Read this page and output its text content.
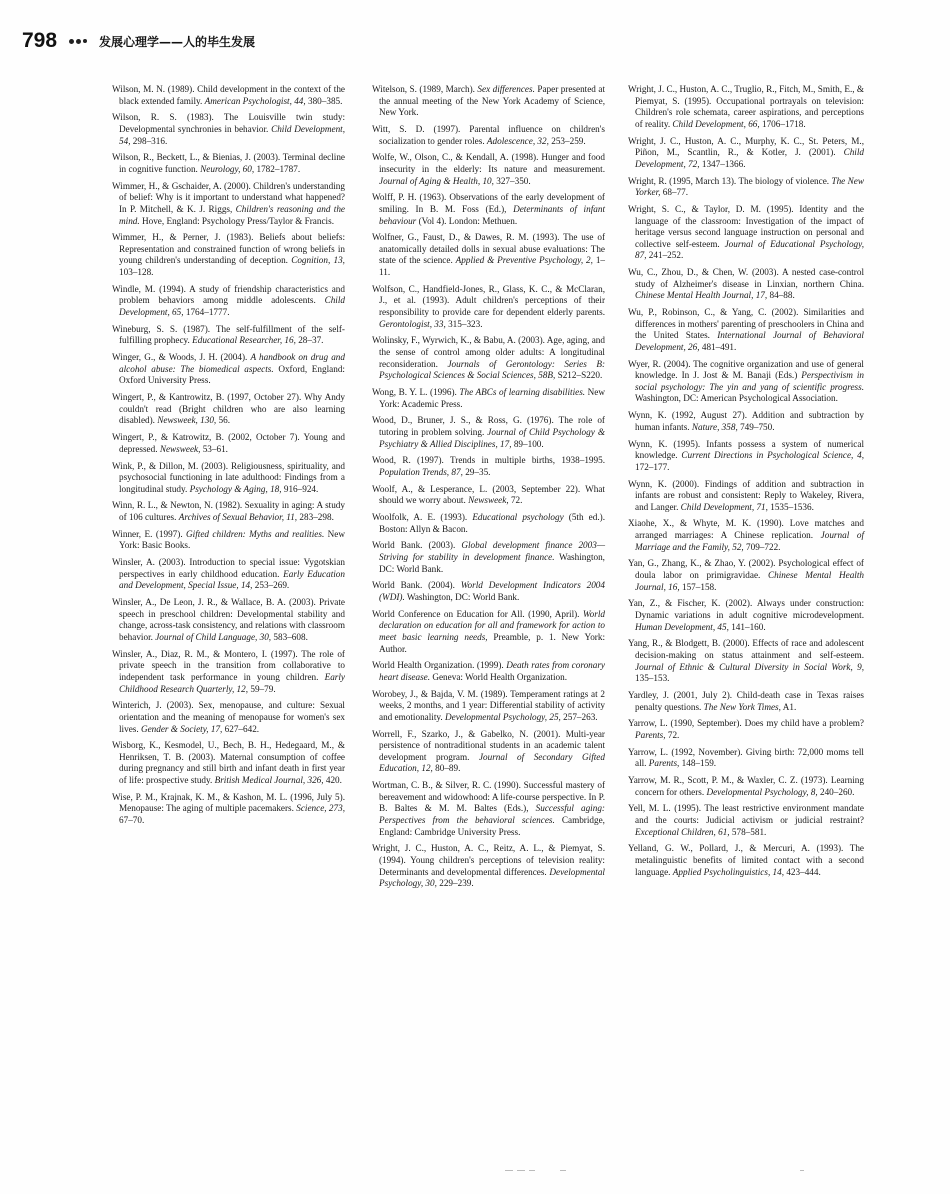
798	发展心理学——人的毕生发展

Wilson, M. N. (1989). Child development in the context of the black extended family. American Psychologist, 44, 380–385.

Wilson, R. S. (1983). The Louisville twin study: Developmental synchronies in behavior. Child Development, 54, 298–316.

Wilson, R., Beckett, L., & Bienias, J. (2003). Terminal decline in cognitive function. Neurology, 60, 1782–1787.

Wimmer, H., & Gschaider, A. (2000). Children's understanding of belief: Why is it important to understand what happened? In P. Mitchell, & K. J. Riggs, Children's reasoning and the mind. Hove, England: Psychology Press/Taylor & Francis.

Wimmer, H., & Perner, J. (1983). Beliefs about beliefs: Representation and constrained function of wrong beliefs in young children's understanding of deception. Cognition, 13, 103–128.

Windle, M. (1994). A study of friendship characteristics and problem behaviors among middle adolescents. Child Development, 65, 1764–1777.

Wineburg, S. S. (1987). The self-fulfillment of the self-fulfilling prophecy. Educational Researcher, 16, 28–37.

Winger, G., & Woods, J. H. (2004). A handbook on drug and alcohol abuse: The biomedical aspects. Oxford, England: Oxford University Press.

Wingert, P., & Kantrowitz, B. (1997, October 27). Why Andy couldn't read (Bright children who are also learning disabled). Newsweek, 130, 56.

Wingert, P., & Katrowitz, B. (2002, October 7). Young and depressed. Newsweek, 53–61.

Wink, P., & Dillon, M. (2003). Religiousness, spirituality, and psychosocial functioning in late adulthood: Findings from a longitudinal study. Psychology & Aging, 18, 916–924.

Winn, R. L., & Newton, N. (1982). Sexuality in aging: A study of 106 cultures. Archives of Sexual Behavior, 11, 283–298.

Winner, E. (1997). Gifted children: Myths and realities. New York: Basic Books.

Winsler, A. (2003). Introduction to special issue: Vygotskian perspectives in early childhood education. Early Education and Development, Special Issue, 14, 253–269.

Winsler, A., De Leon, J. R., & Wallace, B. A. (2003). Private speech in preschool children: Developmental stability and change, across-task consistency, and relations with classroom behavior. Journal of Child Language, 30, 583–608.

Winsler, A., Diaz, R. M., & Montero, I. (1997). The role of private speech in the transition from collaborative to independent task performance in young children. Early Childhood Research Quarterly, 12, 59–79.

Winterich, J. (2003). Sex, menopause, and culture: Sexual orientation and the meaning of menopause for women's sex lives. Gender & Society, 17, 627–642.

Wisborg, K., Kesmodel, U., Bech, B. H., Hedegaard, M., & Henriksen, T. B. (2003). Maternal consumption of coffee during pregnancy and still birth and infant death in first year of life: prospective study. British Medical Journal, 326, 420.

Wise, P. M., Krajnak, K. M., & Kashon, M. L. (1996, July 5). Menopause: The aging of multiple pacemakers. Science, 273, 67–70.

Witelson, S. (1989, March). Sex differences. Paper presented at the annual meeting of the New York Academy of Science, New York.

Witt, S. D. (1997). Parental influence on children's socialization to gender roles. Adolescence, 32, 253–259.

Wolfe, W., Olson, C., & Kendall, A. (1998). Hunger and food insecurity in the elderly: Its nature and measurement. Journal of Aging & Health, 10, 327–350.

Wolff, P. H. (1963). Observations of the early development of smiling. In B. M. Foss (Ed.), Determinants of infant behaviour (Vol 4). London: Methuen.

Wolfner, G., Faust, D., & Dawes, R. M. (1993). The use of anatomically detailed dolls in sexual abuse evaluations: The state of the science. Applied & Preventive Psychology, 2, 1–11.

Wolfson, C., Handfield-Jones, R., Glass, K. C., & McClaran, J., et al. (1993). Adult children's perceptions of their responsibility to provide care for dependent elderly parents. Gerontologist, 33, 315–323.

Wolinsky, F., Wyrwich, K., & Babu, A. (2003). Age, aging, and the sense of control among older adults: A longitudinal reconsideration. Journals of Gerontology: Series B: Psychological Sciences & Social Sciences, 58B, S212–S220.

Wong, B. Y. L. (1996). The ABCs of learning disabilities. New York: Academic Press.

Wood, D., Bruner, J. S., & Ross, G. (1976). The role of tutoring in problem solving. Journal of Child Psychology & Psychiatry & Allied Disciplines, 17, 89–100.

Wood, R. (1997). Trends in multiple births, 1938–1995. Population Trends, 87, 29–35.

Woolf, A., & Lesperance, L. (2003, September 22). What should we worry about. Newsweek, 72.

Woolfolk, A. E. (1993). Educational psychology (5th ed.). Boston: Allyn & Bacon.

World Bank. (2003). Global development finance 2003—Striving for stability in development finance. Washington, DC: World Bank.

World Bank. (2004). World Development Indicators 2004 (WDI). Washington, DC: World Bank.

World Conference on Education for All. (1990, April). World declaration on education for all and framework for action to meet basic learning needs, Preamble, p. 1. New York: Author.

World Health Organization. (1999). Death rates from coronary heart disease. Geneva: World Health Organization.

Worobey, J., & Bajda, V. M. (1989). Temperament ratings at 2 weeks, 2 months, and 1 year: Differential stability of activity and emotionality. Developmental Psychology, 25, 257–263.

Worrell, F., Szarko, J., & Gabelko, N. (2001). Multi-year persistence of nontraditional students in an academic talent development program. Journal of Secondary Gifted Education, 12, 80–89.

Wortman, C. B., & Silver, R. C. (1990). Successful mastery of bereavement and widowhood: A life-course perspective. In P. B. Baltes & M. M. Baltes (Eds.), Successful aging: Perspectives from the behavioral sciences. Cambridge, England: Cambridge University Press.

Wright, J. C., Huston, A. C., Reitz, A. L., & Piemyat, S. (1994). Young children's perceptions of television reality: Determinants and developmental differences. Developmental Psychology, 30, 229–239.

Wright, J. C., Huston, A. C., Truglio, R., Fitch, M., Smith, E., & Piemyat, S. (1995). Occupational portrayals on television: Children's role schemata, career aspirations, and perceptions of reality. Child Development, 66, 1706–1718.

Wright, J. C., Huston, A. C., Murphy, K. C., St. Peters, M., Piñon, M., Scantlin, R., & Kotler, J. (2001). Child Development, 72, 1347–1366.

Wright, R. (1995, March 13). The biology of violence. The New Yorker, 68–77.

Wright, S. C., & Taylor, D. M. (1995). Identity and the language of the classroom: Investigation of the impact of heritage versus second language instruction on personal and collective self-esteem. Journal of Educational Psychology, 87, 241–252.

Wu, C., Zhou, D., & Chen, W. (2003). A nested case-control study of Alzheimer's disease in Linxian, northern China. Chinese Mental Health Journal, 17, 84–88.

Wu, P., Robinson, C., & Yang, C. (2002). Similarities and differences in mothers' parenting of preschoolers in China and the United States. International Journal of Behavioral Development, 26, 481–491.

Wyer, R. (2004). The cognitive organization and use of general knowledge. In J. Jost & M. Banaji (Eds.) Perspectivism in social psychology: The yin and yang of scientific progress. Washington, DC: American Psychological Association.

Wynn, K. (1992, August 27). Addition and subtraction by human infants. Nature, 358, 749–750.

Wynn, K. (1995). Infants possess a system of numerical knowledge. Current Directions in Psychological Science, 4, 172–177.

Wynn, K. (2000). Findings of addition and subtraction in infants are robust and consistent: Reply to Wakeley, Rivera, and Langer. Child Development, 71, 1535–1536.

Xiaohe, X., & Whyte, M. K. (1990). Love matches and arranged marriages: A Chinese replication. Journal of Marriage and the Family, 52, 709–722.

Yan, G., Zhang, K., & Zhao, Y. (2002). Psychological effect of doula labor on primigravidae. Chinese Mental Health Journal, 16, 157–158.

Yan, Z., & Fischer, K. (2002). Always under construction: Dynamic variations in adult cognitive microdevelopment. Human Development, 45, 141–160.

Yang, R., & Blodgett, B. (2000). Effects of race and adolescent decision-making on status attainment and self-esteem. Journal of Ethnic & Cultural Diversity in Social Work, 9, 135–153.

Yardley, J. (2001, July 2). Child-death case in Texas raises penalty questions. The New York Times, A1.

Yarrow, L. (1990, September). Does my child have a problem? Parents, 72.

Yarrow, L. (1992, November). Giving birth: 72,000 moms tell all. Parents, 148–159.

Yarrow, M. R., Scott, P. M., & Waxler, C. Z. (1973). Learning concern for others. Developmental Psychology, 8, 240–260.

Yell, M. L. (1995). The least restrictive environment mandate and the courts: Judicial activism or judicial restraint? Exceptional Children, 61, 578–581.

Yelland, G. W., Pollard, J., & Mercuri, A. (1993). The metalinguistic benefits of limited contact with a second language. Applied Psycholinguistics, 14, 423–444.
